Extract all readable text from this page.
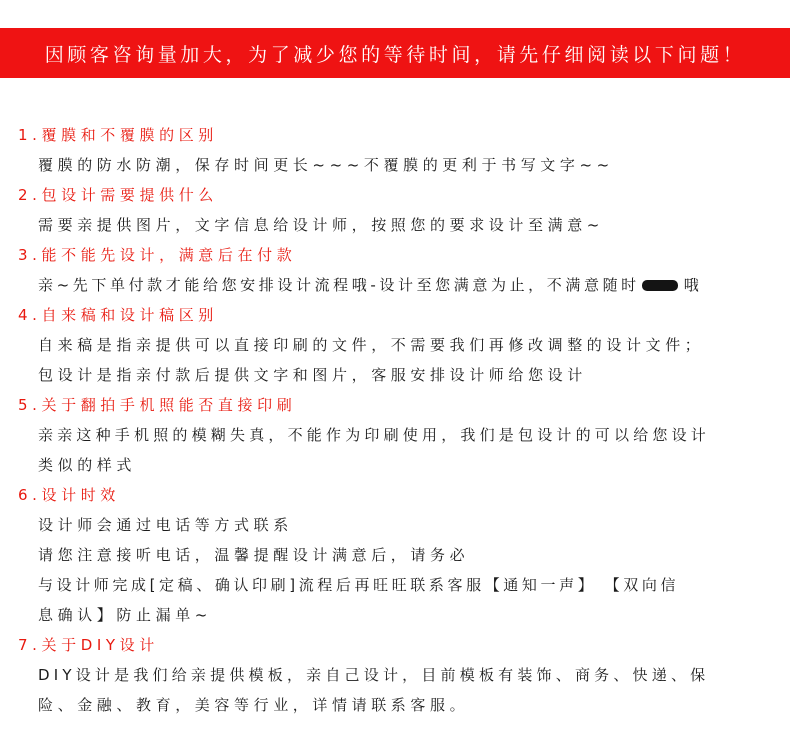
因顾客咨询量加大，为了减少您的等待时间，请先仔细阅读以下问题！
1.覆膜和不覆膜的区别
覆膜的防水防潮，保存时间更长~~~不覆膜的更利于书写文字~~
2.包设计需要提供什么
需要亲提供图片，文字信息给设计师，按照您的要求设计至满意~
3.能不能先设计，满意后在付款
亲~先下单付款才能给您安排设计流程哦-设计至您满意为止，不满意随时	哦
4.自来稿和设计稿区别
自来稿是指亲提供可以直接印刷的文件，不需要我们再修改调整的设计文件；
包设计是指亲付款后提供文字和图片，客服安排设计师给您设计
5.关于翻拍手机照能否直接印刷
亲亲这种手机照的模糊失真，不能作为印刷使用，我们是包设计的可以给您设计
类似的样式
6.设计时效
设计师会通过电话等方式联系
请您注意接听电话，温馨提醒设计满意后，请务必
与设计师完成[定稿、确认印刷]流程后再旺旺联系客服【通知一声】 【双向信
息确认】防止漏单~
7.关于DIY设计
DIY设计是我们给亲提供模板，亲自己设计，目前模板有装饰、商务、快递、保
险、金融、教育，美容等行业，详情请联系客服。
